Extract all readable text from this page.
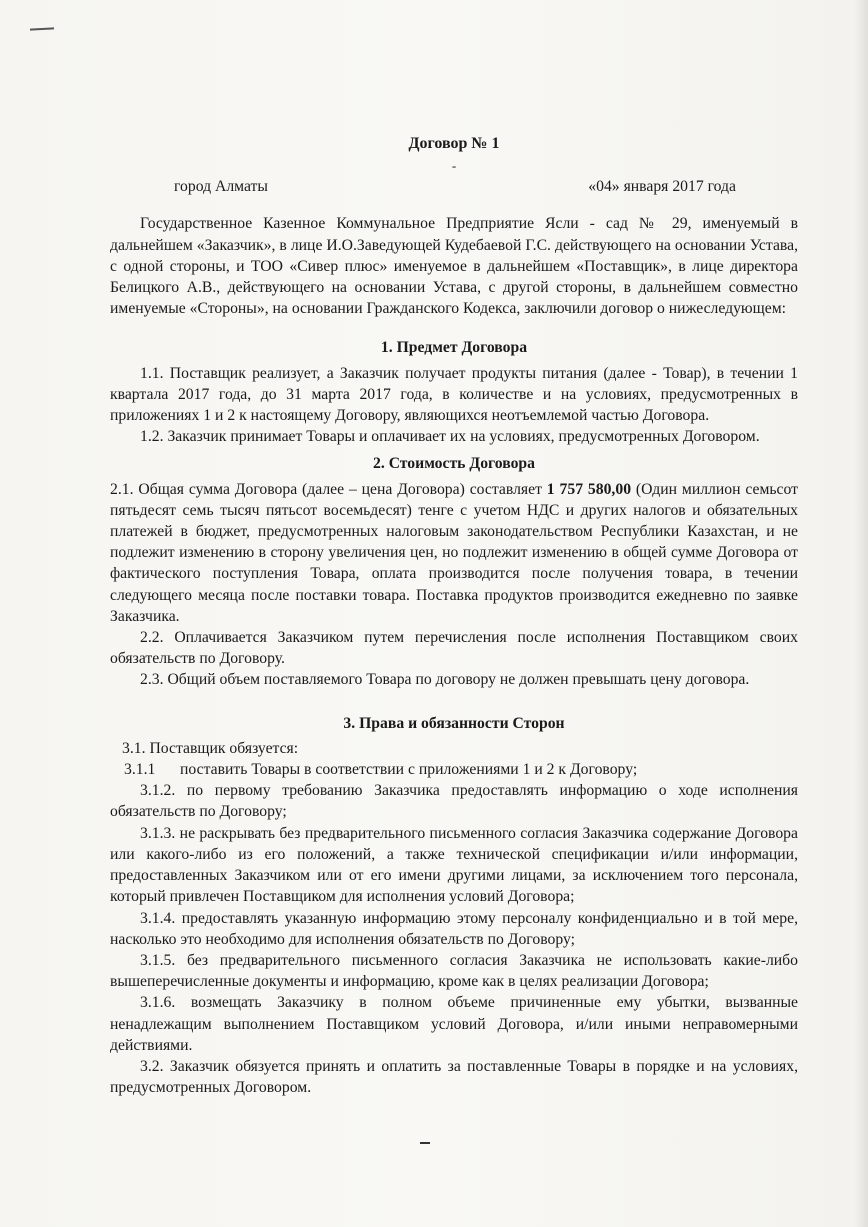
Договор № 1

-

город Алматы	«04» января 2017 года

Государственное Казенное Коммунальное Предприятие Ясли - сад № 29, именуемый в дальнейшем «Заказчик», в лице И.О.Заведующей Кудебаевой Г.С. действующего на основании Устава, с одной стороны, и ТОО «Сивер плюс» именуемое в дальнейшем «Поставщик», в лице директора Белицкого А.В., действующего на основании Устава, с другой стороны, в дальнейшем совместно именуемые «Стороны», на основании Гражданского Кодекса, заключили договор о нижеследующем:

1. Предмет Договора

1.1. Поставщик реализует, а Заказчик получает продукты питания (далее - Товар), в течении 1 квартала 2017 года, до 31 марта 2017 года, в количестве и на условиях, предусмотренных в приложениях 1 и 2 к настоящему Договору, являющихся неотъемлемой частью Договора.

1.2. Заказчик принимает Товары и оплачивает их на условиях, предусмотренных Договором.

2. Стоимость Договора

2.1. Общая сумма Договора (далее – цена Договора) составляет 1 757 580,00 (Один миллион семьсот пятьдесят семь тысяч пятьсот восемьдесят) тенге с учетом НДС и других налогов и обязательных платежей в бюджет, предусмотренных налоговым законодательством Республики Казахстан, и не подлежит изменению в сторону увеличения цен, но подлежит изменению в общей сумме Договора от фактического поступления Товара, оплата производится после получения товара, в течении следующего месяца после поставки товара. Поставка продуктов производится ежедневно по заявке Заказчика.

2.2. Оплачивается Заказчиком путем перечисления после исполнения Поставщиком своих обязательств по Договору.

2.3. Общий объем поставляемого Товара по договору не должен превышать цену договора.

3. Права и обязанности Сторон

3.1. Поставщик обязуется:

3.1.1 поставить Товары в соответствии с приложениями 1 и 2 к Договору;

3.1.2. по первому требованию Заказчика предоставлять информацию о ходе исполнения обязательств по Договору;

3.1.3. не раскрывать без предварительного письменного согласия Заказчика содержание Договора или какого-либо из его положений, а также технической спецификации и/или информации, предоставленных Заказчиком или от его имени другими лицами, за исключением того персонала, который привлечен Поставщиком для исполнения условий Договора;

3.1.4. предоставлять указанную информацию этому персоналу конфиденциально и в той мере, насколько это необходимо для исполнения обязательств по Договору;

3.1.5. без предварительного письменного согласия Заказчика не использовать какие-либо вышеперечисленные документы и информацию, кроме как в целях реализации Договора;

3.1.6. возмещать Заказчику в полном объеме причиненные ему убытки, вызванные ненадлежащим выполнением Поставщиком условий Договора, и/или иными неправомерными действиями.

3.2. Заказчик обязуется принять и оплатить за поставленные Товары в порядке и на условиях, предусмотренных Договором.
